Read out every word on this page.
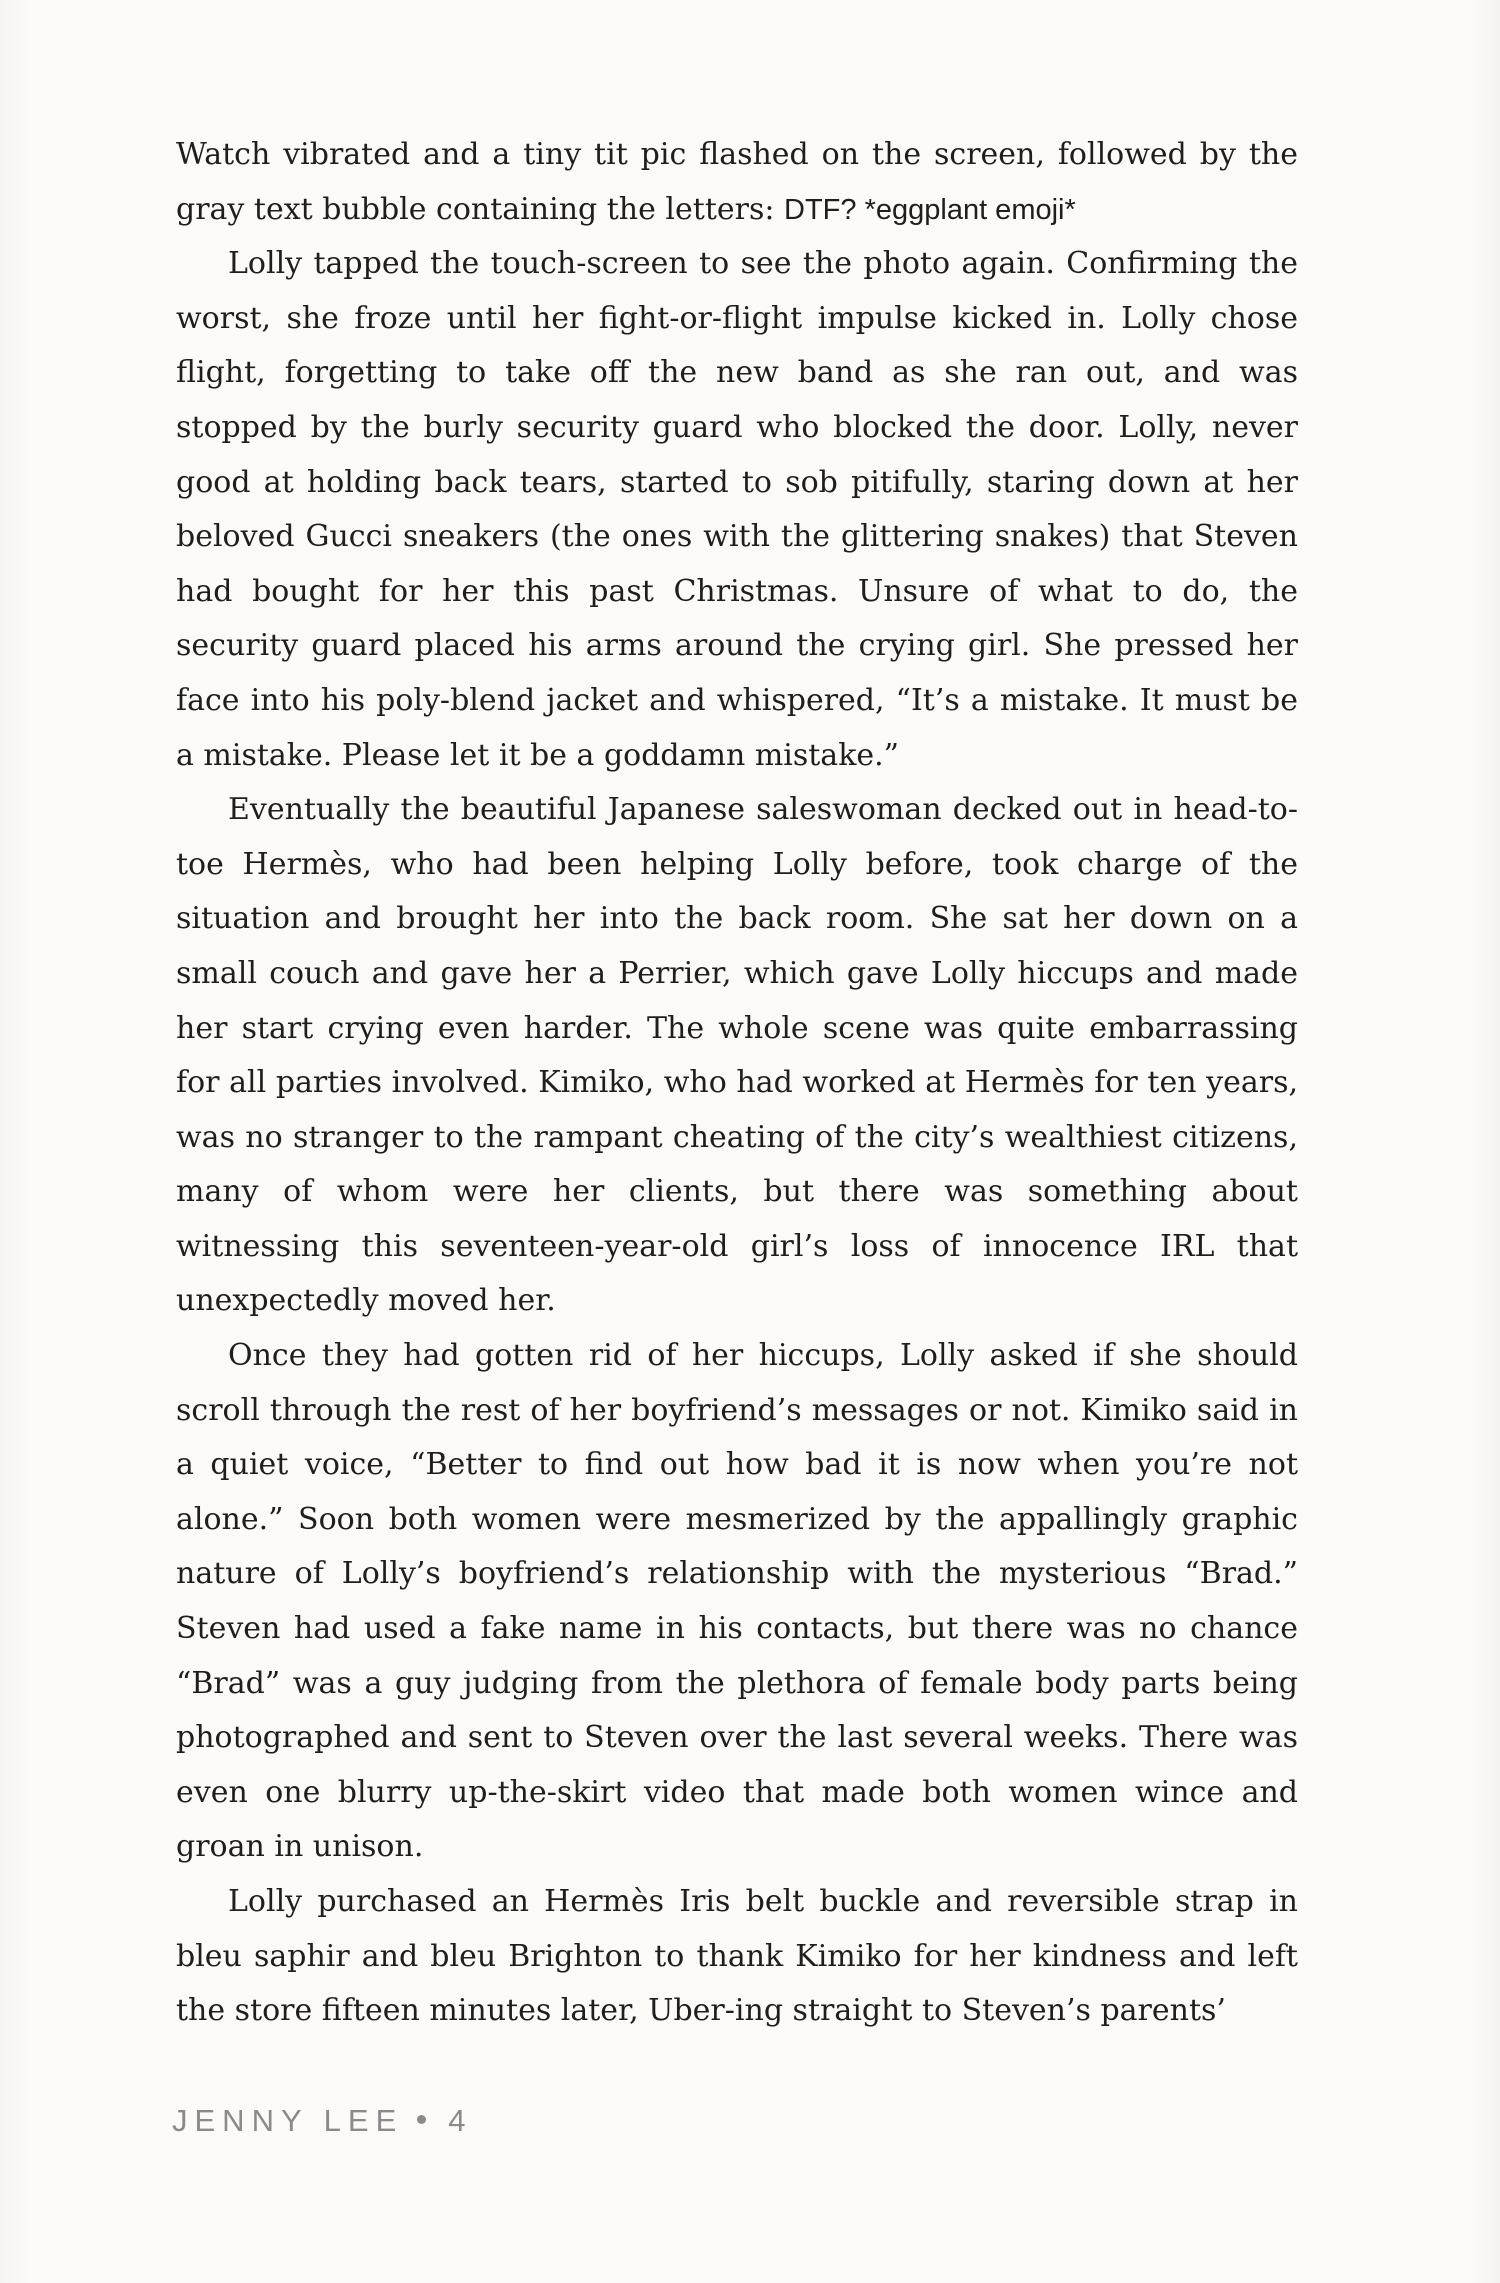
Watch vibrated and a tiny tit pic flashed on the screen, followed by the gray text bubble containing the letters: DTF? *eggplant emoji*

Lolly tapped the touch-screen to see the photo again. Confirming the worst, she froze until her fight-or-flight impulse kicked in. Lolly chose flight, forgetting to take off the new band as she ran out, and was stopped by the burly security guard who blocked the door. Lolly, never good at holding back tears, started to sob pitifully, staring down at her beloved Gucci sneakers (the ones with the glittering snakes) that Steven had bought for her this past Christmas. Unsure of what to do, the security guard placed his arms around the crying girl. She pressed her face into his poly-blend jacket and whispered, “It’s a mistake. It must be a mistake. Please let it be a goddamn mistake.”

Eventually the beautiful Japanese saleswoman decked out in head-to-toe Hermès, who had been helping Lolly before, took charge of the situation and brought her into the back room. She sat her down on a small couch and gave her a Perrier, which gave Lolly hiccups and made her start crying even harder. The whole scene was quite embarrassing for all parties involved. Kimiko, who had worked at Hermès for ten years, was no stranger to the rampant cheating of the city’s wealthiest citizens, many of whom were her clients, but there was something about witnessing this seventeen-year-old girl’s loss of innocence IRL that unexpectedly moved her.

Once they had gotten rid of her hiccups, Lolly asked if she should scroll through the rest of her boyfriend’s messages or not. Kimiko said in a quiet voice, “Better to find out how bad it is now when you’re not alone.” Soon both women were mesmerized by the appallingly graphic nature of Lolly’s boyfriend’s relationship with the mysterious “Brad.” Steven had used a fake name in his contacts, but there was no chance “Brad” was a guy judging from the plethora of female body parts being photographed and sent to Steven over the last several weeks. There was even one blurry up-the-skirt video that made both women wince and groan in unison.

Lolly purchased an Hermès Iris belt buckle and reversible strap in bleu saphir and bleu Brighton to thank Kimiko for her kindness and left the store fifteen minutes later, Uber-ing straight to Steven’s parents’

JENNY LEE 4
